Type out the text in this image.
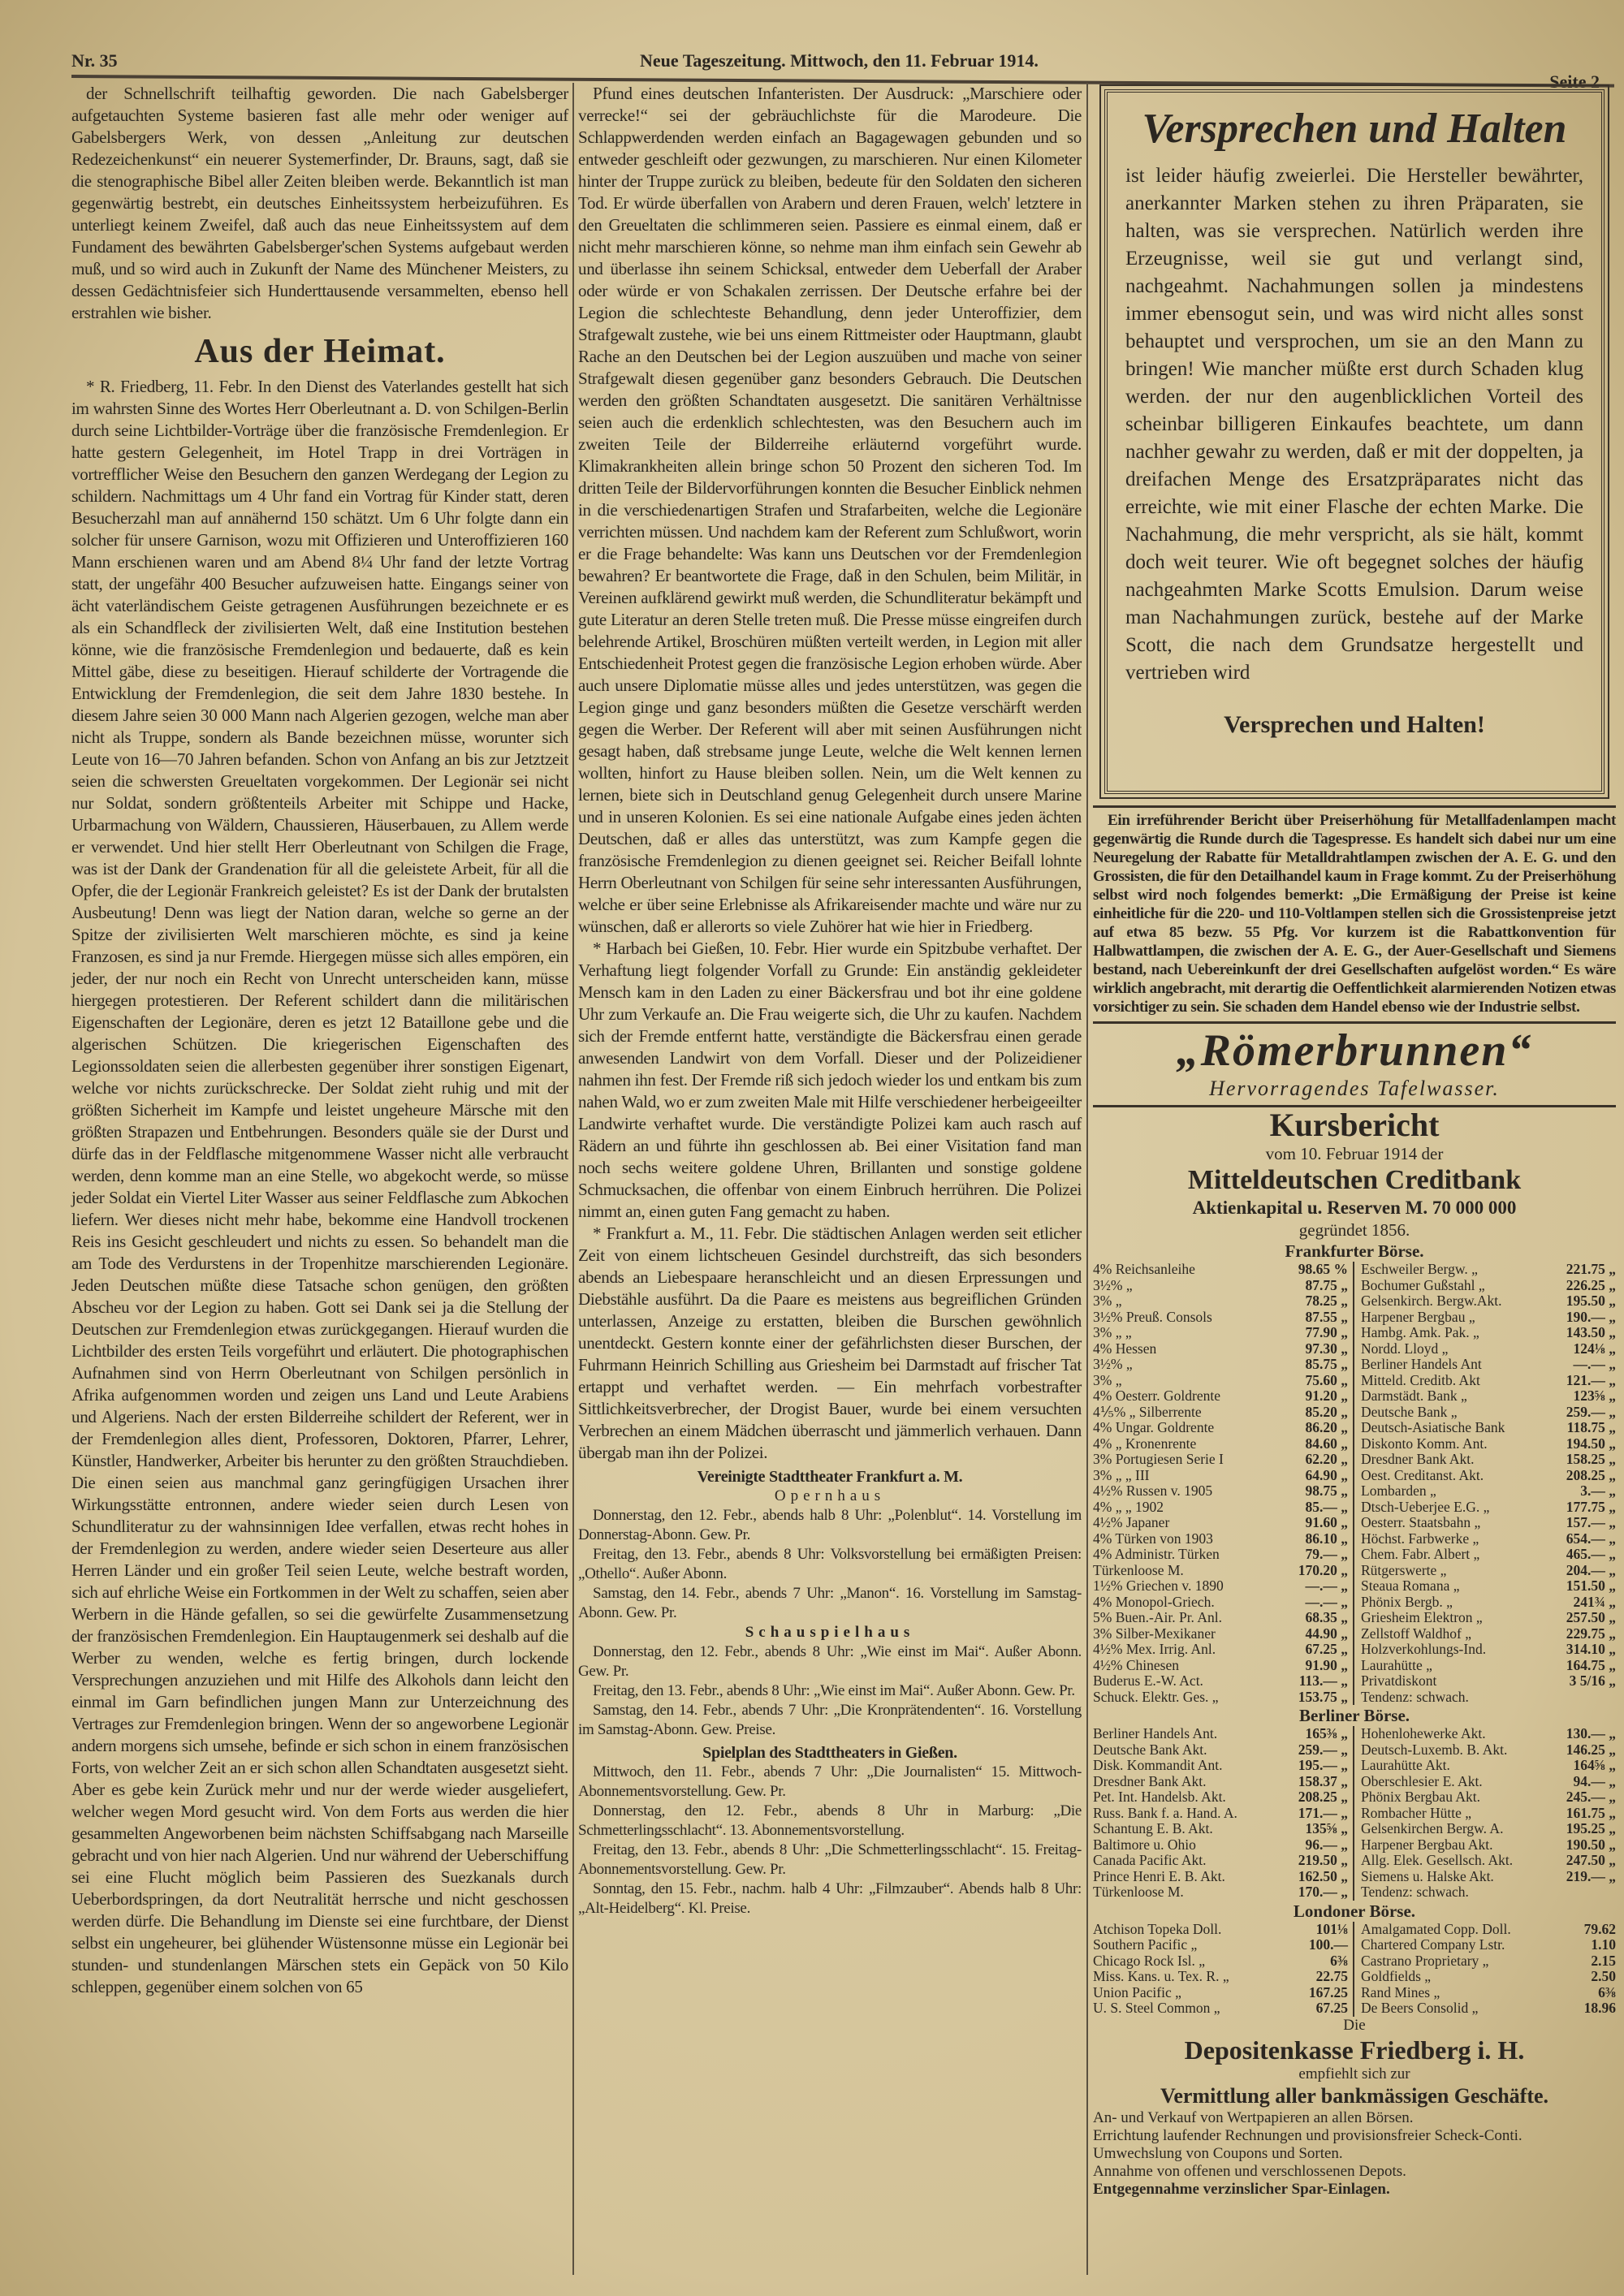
Nr. 35	Neue Tageszeitung. Mittwoch, den 11. Februar 1914.
Seite 2

der Schnellschrift teilhaftig geworden. Die nach Gabelsberger aufgetauchten Systeme basieren fast alle mehr oder weniger auf Gabelsbergers Werk, von dessen „Anleitung zur deutschen Redezeichenkunst“ ein neuerer Systemerfinder, Dr. Brauns, sagt, daß sie die stenographische Bibel aller Zeiten bleiben werde. Bekanntlich ist man gegenwärtig bestrebt, ein deutsches Einheitssystem herbeizuführen. Es unterliegt keinem Zweifel, daß auch das neue Einheitssystem auf dem Fundament des bewährten Gabelsberger'schen Systems aufgebaut werden muß, und so wird auch in Zukunft der Name des Münchener Meisters, zu dessen Gedächtnisfeier sich Hunderttausende versammelten, ebenso hell erstrahlen wie bisher.

Aus der Heimat.

* R. Friedberg, 11. Febr. In den Dienst des Vaterlandes gestellt hat sich im wahrsten Sinne des Wortes Herr Oberleutnant a. D. von Schilgen-Berlin durch seine Lichtbilder-Vorträge über die französische Fremdenlegion. Er hatte gestern Gelegenheit, im Hotel Trapp in drei Vorträgen in vortrefflicher Weise den Besuchern den ganzen Werdegang der Legion zu schildern. Nachmittags um 4 Uhr fand ein Vortrag für Kinder statt, deren Besucherzahl man auf annähernd 150 schätzt. Um 6 Uhr folgte dann ein solcher für unsere Garnison, wozu mit Offizieren und Unteroffizieren 160 Mann erschienen waren und am Abend 8¼ Uhr fand der letzte Vortrag statt, der ungefähr 400 Besucher aufzuweisen hatte. Eingangs seiner von ächt vaterländischem Geiste getragenen Ausführungen bezeichnete er es als ein Schandfleck der zivilisierten Welt, daß eine Institution bestehen könne, wie die französische Fremdenlegion und bedauerte, daß es kein Mittel gäbe, diese zu beseitigen. Hierauf schilderte der Vortragende die Entwicklung der Fremdenlegion, die seit dem Jahre 1830 bestehe. In diesem Jahre seien 30 000 Mann nach Algerien gezogen, welche man aber nicht als Truppe, sondern als Bande bezeichnen müsse, worunter sich Leute von 16—70 Jahren befanden. Schon von Anfang an bis zur Jetztzeit seien die schwersten Greueltaten vorgekommen. Der Legionär sei nicht nur Soldat, sondern größtenteils Arbeiter mit Schippe und Hacke, Urbarmachung von Wäldern, Chaussieren, Häuserbauen, zu Allem werde er verwendet. Und hier stellt Herr Oberleutnant von Schilgen die Frage, was ist der Dank der Grandenation für all die geleistete Arbeit, für all die Opfer, die der Legionär Frankreich geleistet? Es ist der Dank der brutalsten Ausbeutung! Denn was liegt der Nation daran, welche so gerne an der Spitze der zivilisierten Welt marschieren möchte, es sind ja keine Franzosen, es sind ja nur Fremde. Hiergegen müsse sich alles empören, ein jeder, der nur noch ein Recht von Unrecht unterscheiden kann, müsse hiergegen protestieren. Der Referent schildert dann die militärischen Eigenschaften der Legionäre, deren es jetzt 12 Bataillone gebe und die algerischen Schützen. Die kriegerischen Eigenschaften des Legionssoldaten seien die allerbesten gegenüber ihrer sonstigen Eigenart, welche vor nichts zurückschrecke. Der Soldat zieht ruhig und mit der größten Sicherheit im Kampfe und leistet ungeheure Märsche mit den größten Strapazen und Entbehrungen. Besonders quäle sie der Durst und dürfe das in der Feldflasche mitgenommene Wasser nicht alle verbraucht werden, denn komme man an eine Stelle, wo abgekocht werde, so müsse jeder Soldat ein Viertel Liter Wasser aus seiner Feldflasche zum Abkochen liefern. Wer dieses nicht mehr habe, bekomme eine Handvoll trockenen Reis ins Gesicht geschleudert und nichts zu essen. So behandelt man die am Tode des Verdurstens in der Tropenhitze marschierenden Legionäre. Jeden Deutschen müßte diese Tatsache schon genügen, den größten Abscheu vor der Legion zu haben. Gott sei Dank sei ja die Stellung der Deutschen zur Fremdenlegion etwas zurückgegangen. Hierauf wurden die Lichtbilder des ersten Teils vorgeführt und erläutert. Die photographischen Aufnahmen sind von Herrn Oberleutnant von Schilgen persönlich in Afrika aufgenommen worden und zeigen uns Land und Leute Arabiens und Algeriens. Nach der ersten Bilderreihe schildert der Referent, wer in der Fremdenlegion alles dient, Professoren, Doktoren, Pfarrer, Lehrer, Künstler, Handwerker, Arbeiter bis herunter zu den größten Strauchdieben. Die einen seien aus manchmal ganz geringfügigen Ursachen ihrer Wirkungsstätte entronnen, andere wieder seien durch Lesen von Schundliteratur zu der wahnsinnigen Idee verfallen, etwas recht hohes in der Fremdenlegion zu werden, andere wieder seien Deserteure aus aller Herren Länder und ein großer Teil seien Leute, welche bestraft worden, sich auf ehrliche Weise ein Fortkommen in der Welt zu schaffen, seien aber Werbern in die Hände gefallen, so sei die gewürfelte Zusammensetzung der französischen Fremdenlegion. Ein Hauptaugenmerk sei deshalb auf die Werber zu wenden, welche es fertig bringen, durch lockende Versprechungen anzuziehen und mit Hilfe des Alkohols dann leicht den einmal im Garn befindlichen jungen Mann zur Unterzeichnung des Vertrages zur Fremdenlegion bringen. Wenn der so angeworbene Legionär andern morgens sich umsehe, befinde er sich schon in einem französischen Forts, von welcher Zeit an er sich schon allen Schandtaten ausgesetzt sieht. Aber es gebe kein Zurück mehr und nur der werde wieder ausgeliefert, welcher wegen Mord gesucht wird. Von dem Forts aus werden die hier gesammelten Angeworbenen beim nächsten Schiffsabgang nach Marseille gebracht und von hier nach Algerien. Und nur während der Ueberschiffung sei eine Flucht möglich beim Passieren des Suezkanals durch Ueberbordspringen, da dort Neutralität herrsche und nicht geschossen werden dürfe. Die Behandlung im Dienste sei eine furchtbare, der Dienst selbst ein ungeheurer, bei glühender Wüstensonne müsse ein Legionär bei stunden- und stundenlangen Märschen stets ein Gepäck von 50 Kilo schleppen, gegenüber einem solchen von 65

Pfund eines deutschen Infanteristen. Der Ausdruck: „Marschiere oder verrecke!“ sei der gebräuchlichste für die Marodeure. Die Schlappwerdenden werden einfach an Bagagewagen gebunden und so entweder geschleift oder gezwungen, zu marschieren. Nur einen Kilometer hinter der Truppe zurück zu bleiben, bedeute für den Soldaten den sicheren Tod. Er würde überfallen von Arabern und deren Frauen, welch' letztere in den Greueltaten die schlimmeren seien. Passiere es einmal einem, daß er nicht mehr marschieren könne, so nehme man ihm einfach sein Gewehr ab und überlasse ihn seinem Schicksal, entweder dem Ueberfall der Araber oder würde er von Schakalen zerrissen. Der Deutsche erfahre bei der Legion die schlechteste Behandlung, denn jeder Unteroffizier, dem Strafgewalt zustehe, wie bei uns einem Rittmeister oder Hauptmann, glaubt Rache an den Deutschen bei der Legion auszuüben und mache von seiner Strafgewalt diesen gegenüber ganz besonders Gebrauch. Die Deutschen werden den größten Schandtaten ausgesetzt. Die sanitären Verhältnisse seien auch die erdenklich schlechtesten, was den Besuchern auch im zweiten Teile der Bilderreihe erläuternd vorgeführt wurde. Klimakrankheiten allein bringe schon 50 Prozent den sicheren Tod. Im dritten Teile der Bildervorführungen konnten die Besucher Einblick nehmen in die verschiedenartigen Strafen und Strafarbeiten, welche die Legionäre verrichten müssen. Und nachdem kam der Referent zum Schlußwort, worin er die Frage behandelte: Was kann uns Deutschen vor der Fremdenlegion bewahren? Er beantwortete die Frage, daß in den Schulen, beim Militär, in Vereinen aufklärend gewirkt muß werden, die Schundliteratur bekämpft und gute Literatur an deren Stelle treten muß. Die Presse müsse eingreifen durch belehrende Artikel, Broschüren müßten verteilt werden, in Legion mit aller Entschiedenheit Protest gegen die französische Legion erhoben würde. Aber auch unsere Diplomatie müsse alles und jedes unterstützen, was gegen die Legion ginge und ganz besonders müßten die Gesetze verschärft werden gegen die Werber. Der Referent will aber mit seinen Ausführungen nicht gesagt haben, daß strebsame junge Leute, welche die Welt kennen lernen wollten, hinfort zu Hause bleiben sollen. Nein, um die Welt kennen zu lernen, biete sich in Deutschland genug Gelegenheit durch unsere Marine und in unseren Kolonien. Es sei eine nationale Aufgabe eines jeden ächten Deutschen, daß er alles das unterstützt, was zum Kampfe gegen die französische Fremdenlegion zu dienen geeignet sei. Reicher Beifall lohnte Herrn Oberleutnant von Schilgen für seine sehr interessanten Ausführungen, welche er über seine Erlebnisse als Afrikareisender machte und wäre nur zu wünschen, daß er allerorts so viele Zuhörer hat wie hier in Friedberg.

* Harbach bei Gießen, 10. Febr. Hier wurde ein Spitzbube verhaftet. Der Verhaftung liegt folgender Vorfall zu Grunde: Ein anständig gekleideter Mensch kam in den Laden zu einer Bäckersfrau und bot ihr eine goldene Uhr zum Verkaufe an. Die Frau weigerte sich, die Uhr zu kaufen. Nachdem sich der Fremde entfernt hatte, verständigte die Bäckersfrau einen gerade anwesenden Landwirt von dem Vorfall. Dieser und der Polizeidiener nahmen ihn fest. Der Fremde riß sich jedoch wieder los und entkam bis zum nahen Wald, wo er zum zweiten Male mit Hilfe verschiedener herbeigeeilter Landwirte verhaftet wurde. Die verständigte Polizei kam auch rasch auf Rädern an und führte ihn geschlossen ab. Bei einer Visitation fand man noch sechs weitere goldene Uhren, Brillanten und sonstige goldene Schmucksachen, die offenbar von einem Einbruch herrühren. Die Polizei nimmt an, einen guten Fang gemacht zu haben.

* Frankfurt a. M., 11. Febr. Die städtischen Anlagen werden seit etlicher Zeit von einem lichtscheuen Gesindel durchstreift, das sich besonders abends an Liebespaare heranschleicht und an diesen Erpressungen und Diebstähle ausführt. Da die Paare es meistens aus begreiflichen Gründen unterlassen, Anzeige zu erstatten, bleiben die Burschen gewöhnlich unentdeckt. Gestern konnte einer der gefährlichsten dieser Burschen, der Fuhrmann Heinrich Schilling aus Griesheim bei Darmstadt auf frischer Tat ertappt und verhaftet werden. — Ein mehrfach vorbestrafter Sittlichkeitsverbrecher, der Drogist Bauer, wurde bei einem versuchten Verbrechen an einem Mädchen überrascht und jämmerlich verhauen. Dann übergab man ihn der Polizei.

Vereinigte Stadttheater Frankfurt a. M.
Opernhaus

Donnerstag, den 12. Febr., abends halb 8 Uhr: „Polenblut“. 14. Vorstellung im Donnerstag-Abonn. Gew. Pr.

Freitag, den 13. Febr., abends 8 Uhr: Volksvorstellung bei ermäßigten Preisen: „Othello“. Außer Abonn.

Samstag, den 14. Febr., abends 7 Uhr: „Manon“. 16. Vorstellung im Samstag-Abonn. Gew. Pr.

Schauspielhaus

Donnerstag, den 12. Febr., abends 8 Uhr: „Wie einst im Mai“. Außer Abonn. Gew. Pr.

Freitag, den 13. Febr., abends 8 Uhr: „Wie einst im Mai“. Außer Abonn. Gew. Pr.

Samstag, den 14. Febr., abends 7 Uhr: „Die Kronprätendenten“. 16. Vorstellung im Samstag-Abonn. Gew. Preise.

Spielplan des Stadttheaters in Gießen.

Mittwoch, den 11. Febr., abends 7 Uhr: „Die Journalisten“ 15. Mittwoch-Abonnementsvorstellung. Gew. Pr.

Donnerstag, den 12. Febr., abends 8 Uhr in Marburg: „Die Schmetterlingsschlacht“. 13. Abonnementsvorstellung.

Freitag, den 13. Febr., abends 8 Uhr: „Die Schmetterlingsschlacht“. 15. Freitag-Abonnementsvorstellung. Gew. Pr.

Sonntag, den 15. Febr., nachm. halb 4 Uhr: „Filmzauber“. Abends halb 8 Uhr: „Alt-Heidelberg“. Kl. Preise.

Versprechen und Halten
ist leider häufig zweierlei. Die Hersteller bewährter, anerkannter Marken stehen zu ihren Präparaten, sie halten, was sie versprechen. Natürlich werden ihre Erzeugnisse, weil sie gut und verlangt sind, nachgeahmt. Nachahmungen sollen ja mindestens immer ebensogut sein, und was wird nicht alles sonst behauptet und versprochen, um sie an den Mann zu bringen! Wie mancher müßte erst durch Schaden klug werden. der nur den augenblicklichen Vorteil des scheinbar billigeren Einkaufes beachtete, um dann nachher gewahr zu werden, daß er mit der doppelten, ja dreifachen Menge des Ersatzpräparates nicht das erreichte, wie mit einer Flasche der echten Marke. Die Nachahmung, die mehr verspricht, als sie hält, kommt doch weit teurer. Wie oft begegnet solches der häufig nachgeahmten Marke Scotts Emulsion. Darum weise man Nachahmungen zurück, bestehe auf der Marke Scott, die nach dem Grundsatze hergestellt und vertrieben wird
Versprechen und Halten!

Ein irreführender Bericht über Preiserhöhung für Metallfadenlampen macht gegenwärtig die Runde durch die Tagespresse. Es handelt sich dabei nur um eine Neuregelung der Rabatte für Metalldrahtlampen zwischen der A. E. G. und den Grossisten, die für den Detailhandel kaum in Frage kommt. Zu der Preiserhöhung selbst wird noch folgendes bemerkt: „Die Ermäßigung der Preise ist keine einheitliche für die 220- und 110-Voltlampen stellen sich die Grossistenpreise jetzt auf etwa 85 bezw. 55 Pfg. Vor kurzem ist die Rabattkonvention für Halbwattlampen, die zwischen der A. E. G., der Auer-Gesellschaft und Siemens bestand, nach Uebereinkunft der drei Gesellschaften aufgelöst worden.“ Es wäre wirklich angebracht, mit derartig die Oeffentlichkeit alarmierenden Notizen etwas vorsichtiger zu sein. Sie schaden dem Handel ebenso wie der Industrie selbst.

„Römerbrunnen“
Hervorragendes Tafelwasser.
Kursbericht
vom 10. Februar 1914 der
Mitteldeutschen Creditbank
Aktienkapital u. Reserven M. 70 000 000
gegründet 1856.
Frankfurter Börse.
4% Reichsanleihe	98.65 %
3½% „	87.75 „
3% „	78.25 „
3½% Preuß. Consols	87.55 „
3% „ „	77.90 „
4% Hessen	97.30 „
3½% „	85.75 „
3% „	75.60 „
4% Oesterr. Goldrente	91.20 „
4⅕% „ Silberrente	85.20 „
4% Ungar. Goldrente	86.20 „
4% „ Kronenrente	84.60 „
3% Portugiesen Serie I	62.20 „
3% „ „ III	64.90 „
4½% Russen v. 1905	98.75 „
4% „ „ 1902	85.— „
4½% Japaner	91.60 „
4% Türken von 1903	86.10 „
4% Administr. Türken	79.— „
Türkenloose M.	170.20 „
1½% Griechen v. 1890	—.— „
4% Monopol-Griech.	—.— „
5% Buen.-Air. Pr. Anl.	68.35 „
3% Silber-Mexikaner	44.90 „
4½% Mex. Irrig. Anl.	67.25 „
4½% Chinesen	91.90 „
Buderus E.-W. Act.	113.— „
Schuck. Elektr. Ges. „	153.75 „
Eschweiler Bergw. „	221.75 „
Bochumer Gußstahl „	226.25 „
Gelsenkirch. Bergw.Akt.	195.50 „
Harpener Bergbau „	190.— „
Hambg. Amk. Pak. „	143.50 „
Nordd. Lloyd „	124⅛ „
Berliner Handels Ant	—.— „
Mitteld. Creditb. Akt	121.— „
Darmstädt. Bank „	123⅝ „
Deutsche Bank „	259.— „
Deutsch-Asiatische Bank	118.75 „
Diskonto Komm. Ant.	194.50 „
Dresdner Bank Akt.	158.25 „
Oest. Creditanst. Akt.	208.25 „
Lombarden „	3.— „
Dtsch-Ueberjee E.G. „	177.75 „
Oesterr. Staatsbahn „	157.— „
Höchst. Farbwerke „	654.— „
Chem. Fabr. Albert „	465.— „
Rütgerswerte „	204.— „
Steaua Romana „	151.50 „
Phönix Bergb. „	241¾ „
Griesheim Elektron „	257.50 „
Zellstoff Waldhof „	229.75 „
Holzverkohlungs-Ind.	314.10 „
Laurahütte „	164.75 „
Privatdiskont	3 5/16 „
Tendenz: schwach.
Berliner Börse.
Berliner Handels Ant.	165⅜ „
Deutsche Bank Akt.	259.— „
Disk. Kommandit Ant.	195.— „
Dresdner Bank Akt.	158.37 „
Pet. Int. Handelsb. Akt.	208.25 „
Russ. Bank f. a. Hand. A.	171.— „
Schantung E. B. Akt.	135⅝ „
Baltimore u. Ohio	96.— „
Canada Pacific Akt.	219.50 „
Prince Henri E. B. Akt.	162.50 „
Türkenloose M.	170.— „
Hohenlohewerke Akt.	130.— „
Deutsch-Luxemb. B. Akt.	146.25 „
Laurahütte Akt.	164⅝ „
Oberschlesier E. Akt.	94.— „
Phönix Bergbau Akt.	245.— „
Rombacher Hütte „	161.75 „
Gelsenkirchen Bergw. A.	195.25 „
Harpener Bergbau Akt.	190.50 „
Allg. Elek. Gesellsch. Akt.	247.50 „
Siemens u. Halske Akt.	219.— „
Tendenz: schwach.
Londoner Börse.
Atchison Topeka Doll.	101⅛
Southern Pacific „	100.—
Chicago Rock Isl. „	6⅜
Miss. Kans. u. Tex. R. „	22.75
Union Pacific „	167.25
U. S. Steel Common „	67.25
Amalgamated Copp. Doll.	79.62
Chartered Company Lstr.	1.10
Castrano Proprietary „	2.15
Goldfields „	2.50
Rand Mines „	6⅜
De Beers Consolid „	18.96
Die
Depositenkasse Friedberg i. H.
empfiehlt sich zur
Vermittlung aller bankmässigen Geschäfte.
An- und Verkauf von Wertpapieren an allen Börsen.
Errichtung laufender Rechnungen und provisionsfreier Scheck-Conti.
Umwechslung von Coupons und Sorten.
Annahme von offenen und verschlossenen Depots.
Entgegennahme verzinslicher Spar-Einlagen.
